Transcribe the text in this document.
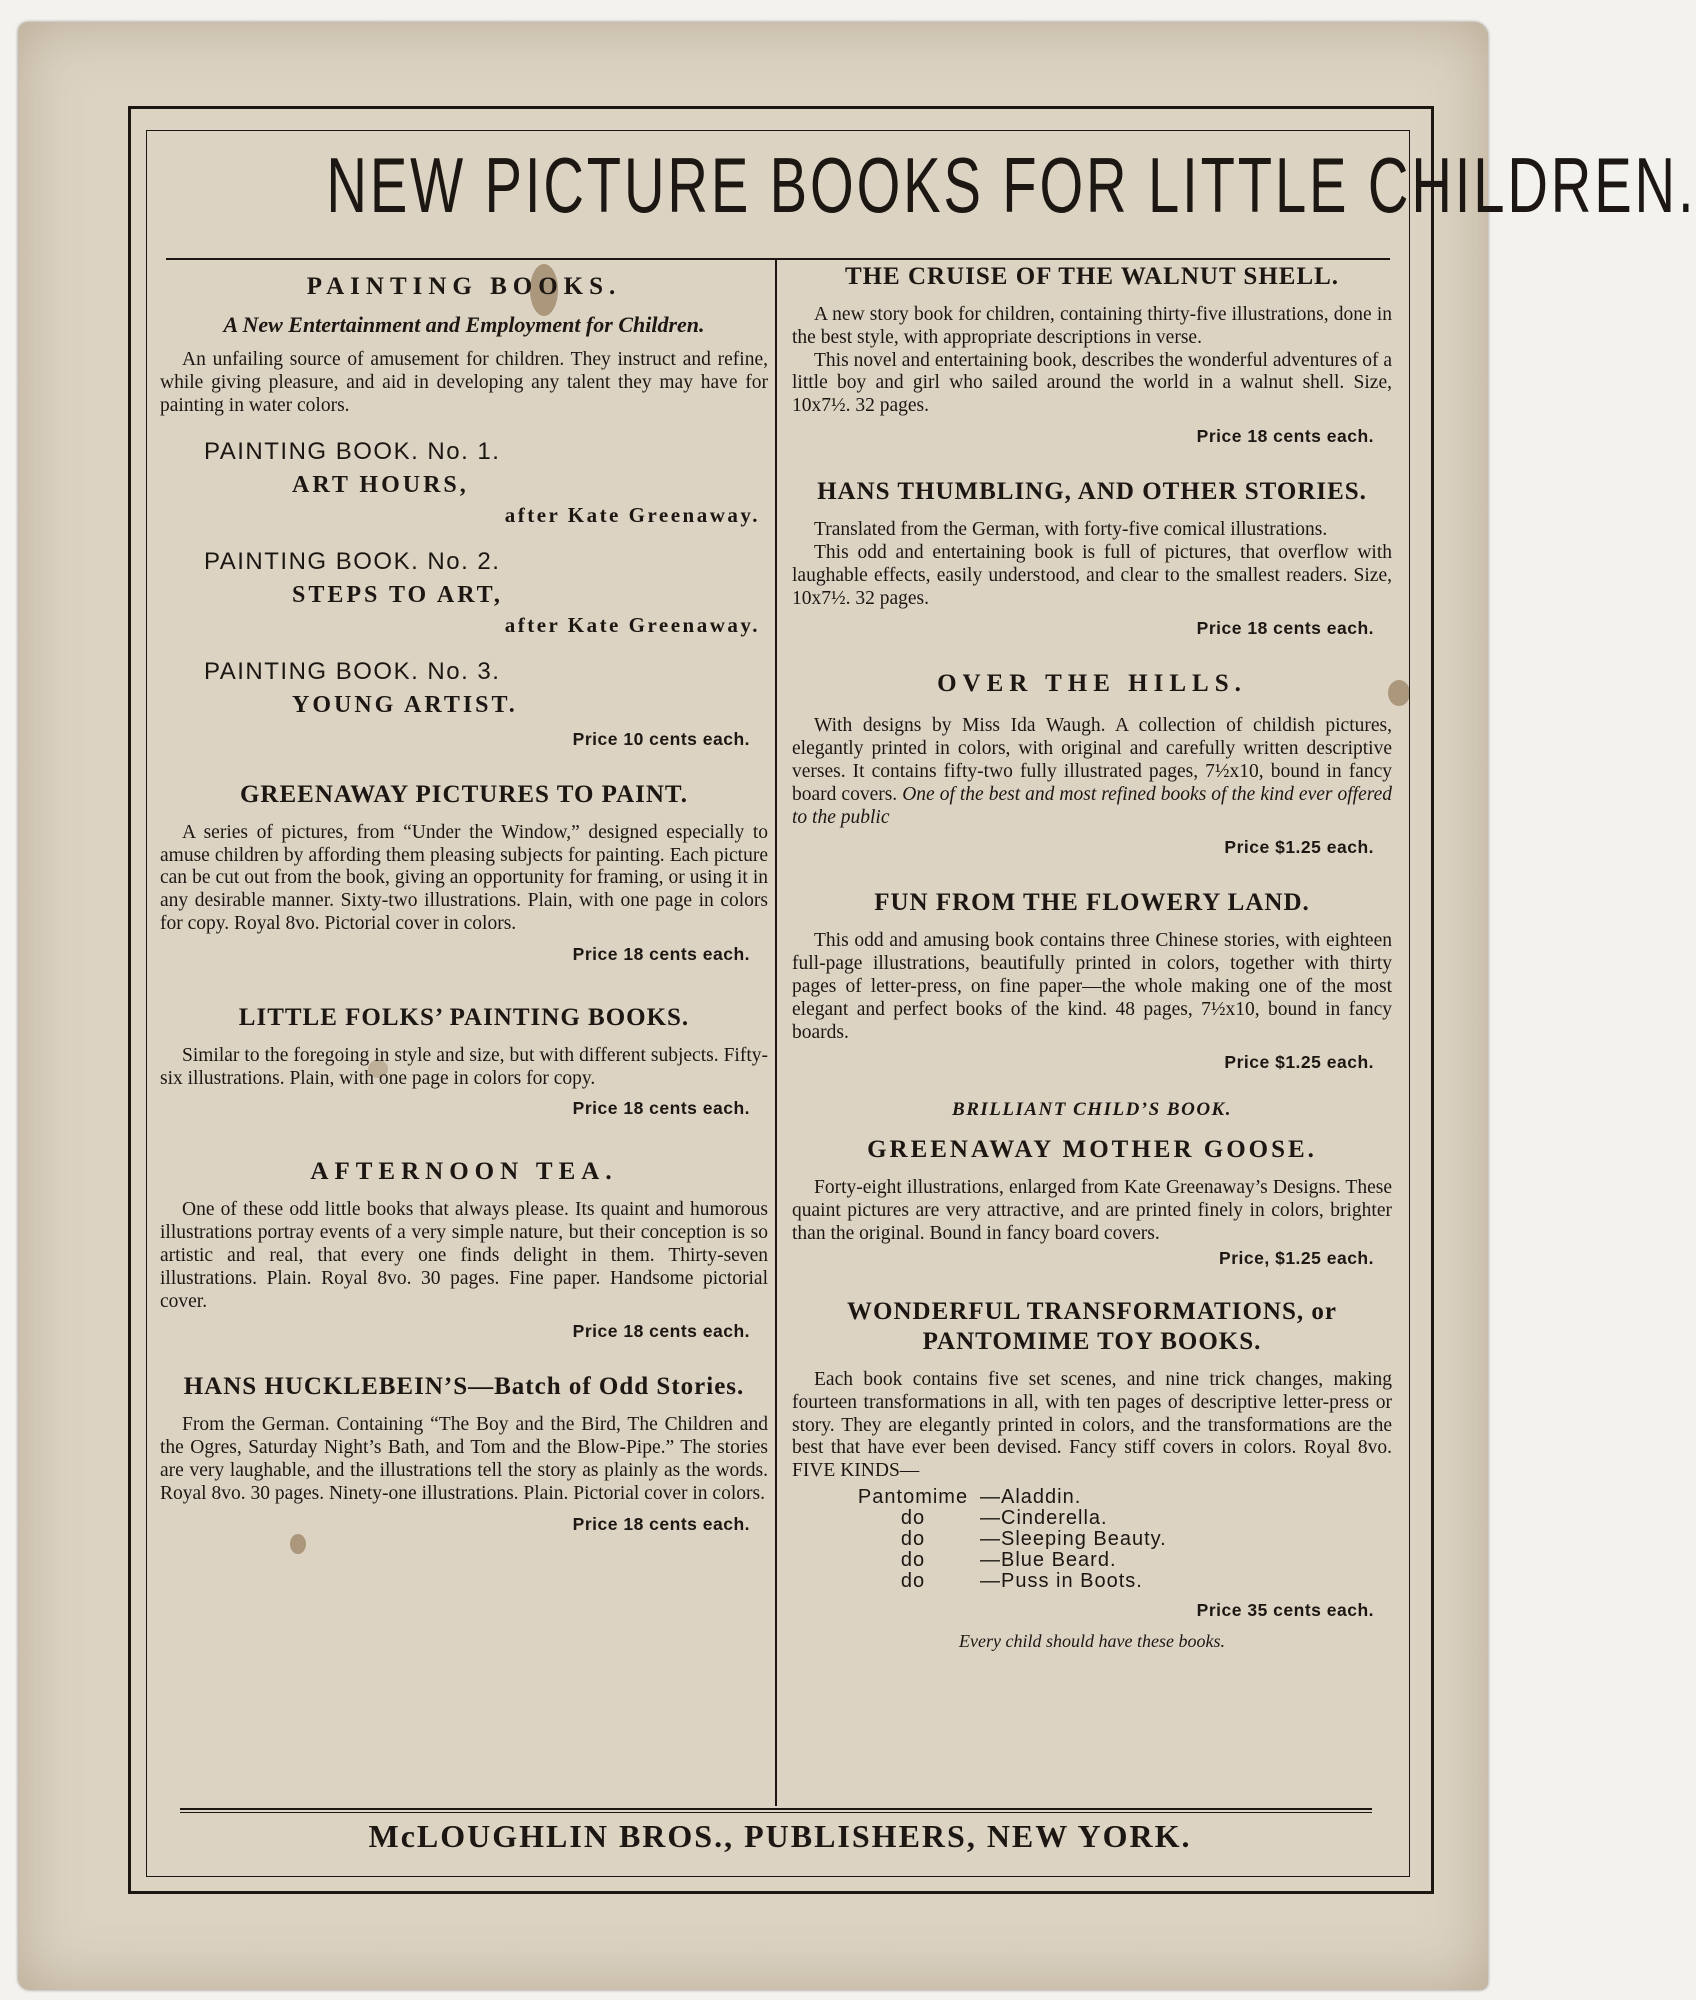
NEW PICTURE BOOKS FOR LITTLE CHILDREN.
PAINTING BOOKS.
A New Entertainment and Employment for Children.

An unfailing source of amusement for children. They instruct and refine, while giving pleasure, and aid in developing any talent they may have for painting in water colors.

PAINTING BOOK. No. 1.
ART HOURS,
after Kate Greenaway.
PAINTING BOOK. No. 2.
STEPS TO ART,
after Kate Greenaway.
PAINTING BOOK. No. 3.
YOUNG ARTIST.
Price 10 cents each.
GREENAWAY PICTURES TO PAINT.

A series of pictures, from “Under the Window,” designed especially to amuse children by affording them pleasing subjects for painting. Each picture can be cut out from the book, giving an opportunity for framing, or using it in any desirable manner. Sixty-two illustrations. Plain, with one page in colors for copy. Royal 8vo. Pictorial cover in colors.

Price 18 cents each.
LITTLE FOLKS’ PAINTING BOOKS.

Similar to the foregoing in style and size, but with different subjects. Fifty-six illustrations. Plain, with one page in colors for copy.

Price 18 cents each.
AFTERNOON TEA.

One of these odd little books that always please. Its quaint and humorous illustrations portray events of a very simple nature, but their conception is so artistic and real, that every one finds delight in them. Thirty-seven illustrations. Plain. Royal 8vo. 30 pages. Fine paper. Handsome pictorial cover.

Price 18 cents each.
HANS HUCKLEBEIN’S—Batch of Odd Stories.

From the German. Containing “The Boy and the Bird, The Children and the Ogres, Saturday Night’s Bath, and Tom and the Blow-Pipe.” The stories are very laughable, and the illustrations tell the story as plainly as the words. Royal 8vo. 30 pages. Ninety-one illustrations. Plain. Pictorial cover in colors.

Price 18 cents each.
THE CRUISE OF THE WALNUT SHELL.

A new story book for children, containing thirty-five illustrations, done in the best style, with appropriate descriptions in verse.

This novel and entertaining book, describes the wonderful adventures of a little boy and girl who sailed around the world in a walnut shell. Size, 10x7½. 32 pages.

Price 18 cents each.
HANS THUMBLING, AND OTHER STORIES.

Translated from the German, with forty-five comical illustrations.

This odd and entertaining book is full of pictures, that overflow with laughable effects, easily understood, and clear to the smallest readers. Size, 10x7½. 32 pages.

Price 18 cents each.
OVER THE HILLS.

With designs by Miss Ida Waugh. A collection of childish pictures, elegantly printed in colors, with original and carefully written descriptive verses. It contains fifty-two fully illustrated pages, 7½x10, bound in fancy board covers. One of the best and most refined books of the kind ever offered to the public

Price $1.25 each.
FUN FROM THE FLOWERY LAND.

This odd and amusing book contains three Chinese stories, with eighteen full-page illustrations, beautifully printed in colors, together with thirty pages of letter-press, on fine paper—the whole making one of the most elegant and perfect books of the kind. 48 pages, 7½x10, bound in fancy boards.

Price $1.25 each.
BRILLIANT CHILD’S BOOK.
GREENAWAY MOTHER GOOSE.

Forty-eight illustrations, enlarged from Kate Greenaway’s Designs. These quaint pictures are very attractive, and are printed finely in colors, brighter than the original. Bound in fancy board covers.

Price, $1.25 each.
WONDERFUL TRANSFORMATIONS, or
PANTOMIME TOY BOOKS.

Each book contains five set scenes, and nine trick changes, making fourteen transformations in all, with ten pages of descriptive letter-press or story. They are elegantly printed in colors, and the transformations are the best that have ever been devised. Fancy stiff covers in colors. Royal 8vo. FIVE KINDS—

Pantomime —Aladdin.
do	—Cinderella.
do	—Sleeping Beauty.
do	—Blue Beard.
do	—Puss in Boots.
Price 35 cents each.
Every child should have these books.
McLOUGHLIN BROS., PUBLISHERS, NEW YORK.
